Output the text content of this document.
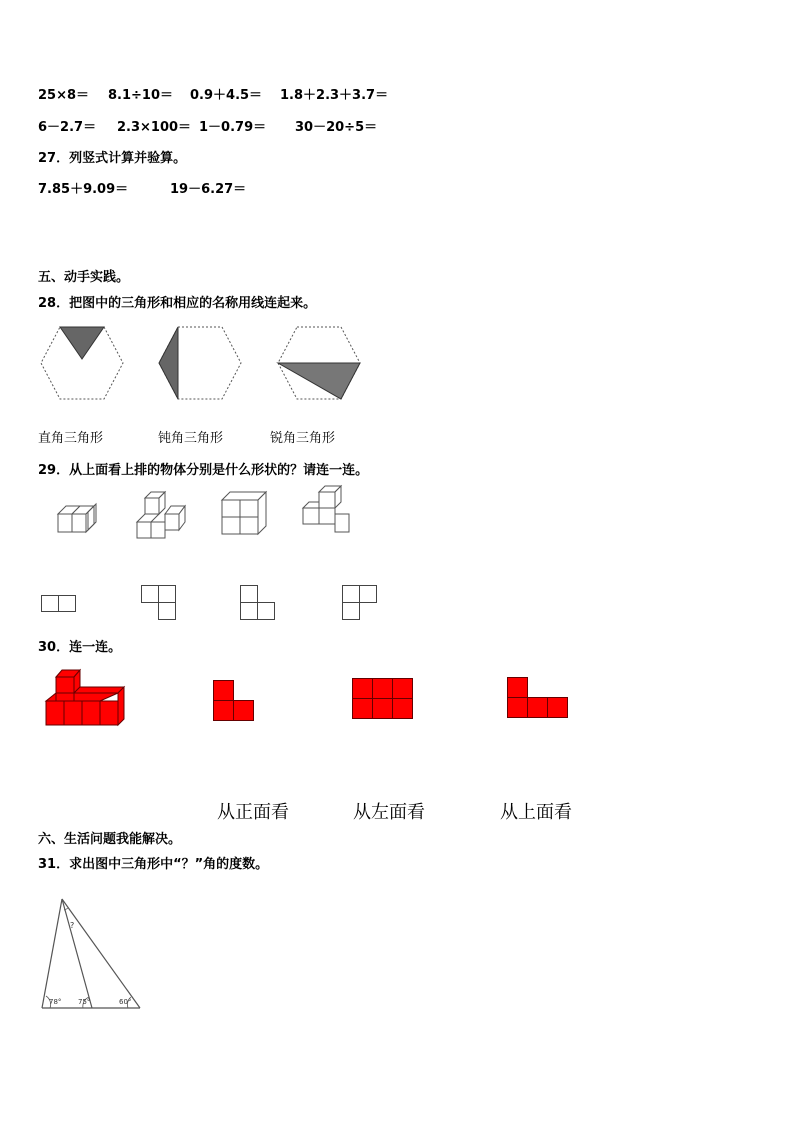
25×8＝ 8.1÷10＝ 0.9＋4.5＝ 1.8＋2.3＋3.7＝
6－2.7＝ 2.3×100＝ 1－0.79＝ 30－20÷5＝
27．列竖式计算并验算。
7.85＋9.09＝	19－6.27＝
五、动手实践。
28．把图中的三角形和相应的名称用线连起来。
直角三角形	钝角三角形	锐角三角形
29．从上面看上排的物体分别是什么形状的？请连一连。
30．连一连。
从正面看	从左面看	从上面看
六、生活问题我能解决。
31．求出图中三角形中“？”角的度数。
78° 75°	60°
?
